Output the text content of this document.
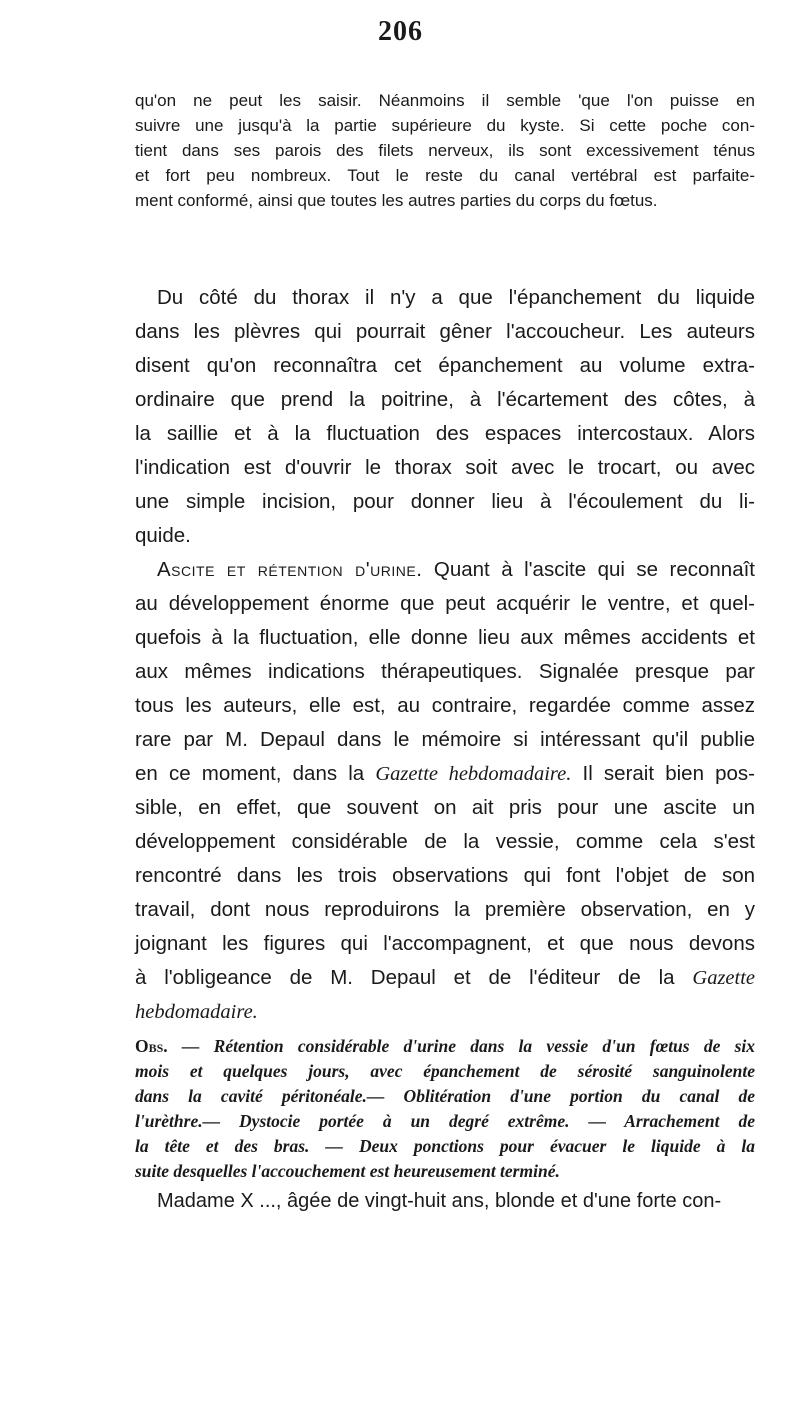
206
qu'on ne peut les saisir. Néanmoins il semble 'que l'on puisse en
suivre une jusqu'à la partie supérieure du kyste. Si cette poche con-
tient dans ses parois des filets nerveux, ils sont excessivement ténus
et fort peu nombreux. Tout le reste du canal vertébral est parfaite-
ment conformé, ainsi que toutes les autres parties du corps du fœtus.
Du côté du thorax il n'y a que l'épanchement du liquide
dans les plèvres qui pourrait gêner l'accoucheur. Les auteurs
disent qu'on reconnaîtra cet épanchement au volume extra-
ordinaire que prend la poitrine, à l'écartement des côtes, à
la saillie et à la fluctuation des espaces intercostaux. Alors
l'indication est d'ouvrir le thorax soit avec le trocart, ou avec
une simple incision, pour donner lieu à l'écoulement du li-
quide.
Ascite et rétention d'urine. Quant à l'ascite qui se reconnaît
au développement énorme que peut acquérir le ventre, et quel-
quefois à la fluctuation, elle donne lieu aux mêmes accidents et
aux mêmes indications thérapeutiques. Signalée presque par
tous les auteurs, elle est, au contraire, regardée comme assez
rare par M. Depaul dans le mémoire si intéressant qu'il publie
en ce moment, dans la Gazette hebdomadaire. Il serait bien pos-
sible, en effet, que souvent on ait pris pour une ascite un
développement considérable de la vessie, comme cela s'est
rencontré dans les trois observations qui font l'objet de son
travail, dont nous reproduirons la première observation, en y
joignant les figures qui l'accompagnent, et que nous devons
à l'obligeance de M. Depaul et de l'éditeur de la Gazette
hebdomadaire.
Obs. — Rétention considérable d'urine dans la vessie d'un fœtus de six
mois et quelques jours, avec épanchement de sérosité sanguinolente
dans la cavité péritonéale.— Oblitération d'une portion du canal de
l'urèthre.— Dystocie portée à un degré extrême. — Arrachement de
la tête et des bras. — Deux ponctions pour évacuer le liquide à la
suite desquelles l'accouchement est heureusement terminé.
Madame X ..., âgée de vingt-huit ans, blonde et d'une forte con-
